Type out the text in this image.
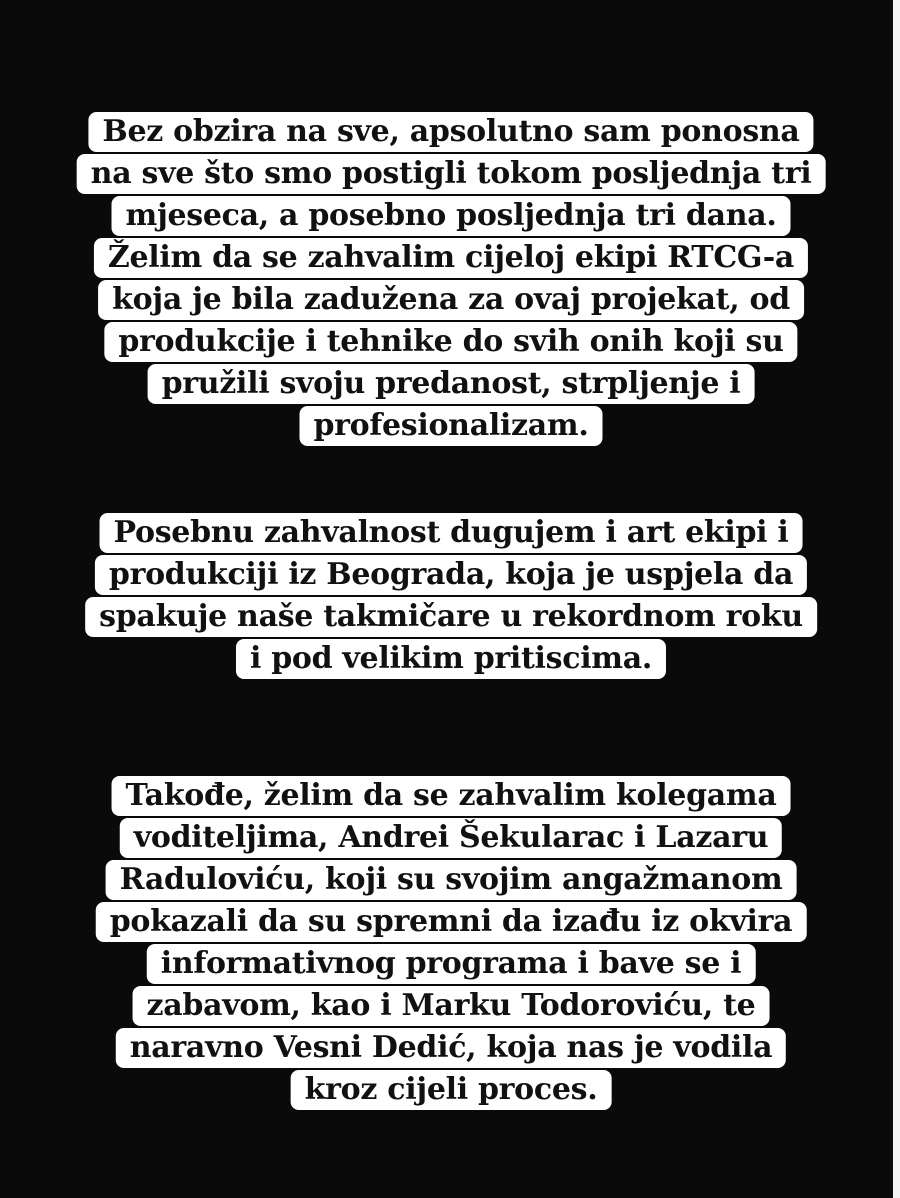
Bez obzira na sve, apsolutno sam ponosna
na sve što smo postigli tokom posljednja tri
mjeseca, a posebno posljednja tri dana.
Želim da se zahvalim cijeloj ekipi RTCG-a
koja je bila zadužena za ovaj projekat, od
produkcije i tehnike do svih onih koji su
pružili svoju predanost, strpljenje i
profesionalizam.
Posebnu zahvalnost dugujem i art ekipi i
produkciji iz Beograda, koja je uspjela da
spakuje naše takmičare u rekordnom roku
i pod velikim pritiscima.
Takođe, želim da se zahvalim kolegama
voditeljima, Andrei Šekularac i Lazaru
Raduloviću, koji su svojim angažmanom
pokazali da su spremni da izađu iz okvira
informativnog programa i bave se i
zabavom, kao i Marku Todoroviću, te
naravno Vesni Dedić, koja nas je vodila
kroz cijeli proces.
